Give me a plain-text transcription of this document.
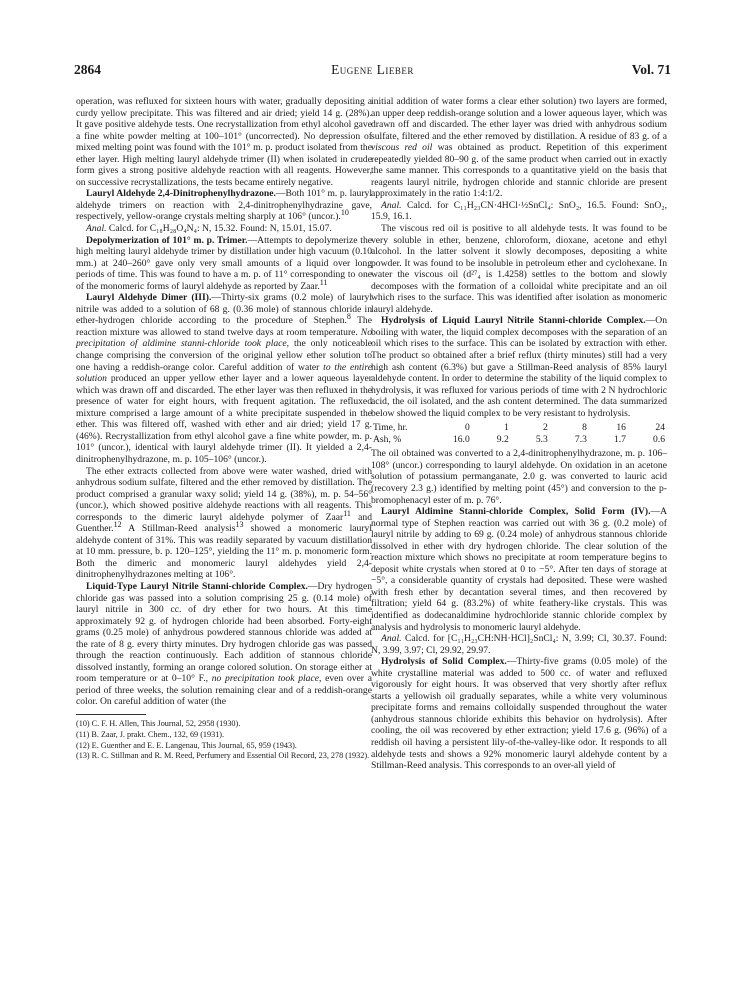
2864	Eugene Lieber	Vol. 71

operation, was refluxed for sixteen hours with water, gradually depositing a curdy yellow precipitate. This was filtered and air dried; yield 14 g. (28%). It gave positive aldehyde tests. One recrystallization from ethyl alcohol gave a fine white powder melting at 100–101° (uncorrected). No depression of mixed melting point was found with the 101° m. p. product isolated from the ether layer. High melting lauryl aldehyde trimer (II) when isolated in crude form gives a strong positive aldehyde reaction with all reagents. However, on successive recrystallizations, the tests became entirely negative.

Lauryl Aldehyde 2,4-Dinitrophenylhydrazone.—Both 101° m. p. lauryl aldehyde trimers on reaction with 2,4-dinitrophenylhydrazine gave, respectively, yellow-orange crystals melting sharply at 106° (uncor.).$^{10}$

Anal. Calcd. for C₁₈H₂₈O₄N₄: N, 15.32. Found: N, 15.01, 15.07.

Depolymerization of 101° m. p. Trimer.—Attempts to depolymerize the high melting lauryl aldehyde trimer by distillation under high vacuum (0.10 mm.) at 240–260° gave only very small amounts of a liquid over long periods of time. This was found to have a m. p. of 11° corresponding to one of the monomeric forms of lauryl aldehyde as reported by Zaar.$^{11}$

Lauryl Aldehyde Dimer (III).—Thirty-six grams (0.2 mole) of lauryl nitrile was added to a solution of 68 g. (0.36 mole) of stannous chloride in ether-hydrogen chloride according to the procedure of Stephen.$^8$ The reaction mixture was allowed to stand twelve days at room temperature. No precipitation of aldimine stanni-chloride took place, the only noticeable change comprising the conversion of the original yellow ether solution to one having a reddish-orange color. Careful addition of water to the entire solution produced an upper yellow ether layer and a lower aqueous layer which was drawn off and discarded. The ether layer was then refluxed in the presence of water for eight hours, with frequent agitation. The refluxed mixture comprised a large amount of a white precipitate suspended in the ether. This was filtered off, washed with ether and air dried; yield 17 g. (46%). Recrystallization from ethyl alcohol gave a fine white powder, m. p. 101° (uncor.), identical with lauryl aldehyde trimer (II). It yielded a 2,4-dinitrophenylhydrazone, m. p. 105–106° (uncor.).

The ether extracts collected from above were water washed, dried with anhydrous sodium sulfate, filtered and the ether removed by distillation. The product comprised a granular waxy solid; yield 14 g. (38%), m. p. 54–56° (uncor.), which showed positive aldehyde reactions with all reagents. This corresponds to the dimeric lauryl aldehyde polymer of Zaar$^{11}$ and Guenther.$^{12}$ A Stillman-Reed analysis$^{13}$ showed a monomeric lauryl aldehyde content of 31%. This was readily separated by vacuum distillation at 10 mm. pressure, b. p. 120–125°, yielding the 11° m. p. monomeric form. Both the dimeric and monomeric lauryl aldehydes yield 2,4-dinitrophenylhydrazones melting at 106°.

Liquid-Type Lauryl Nitrile Stanni-chloride Complex.—Dry hydrogen chloride gas was passed into a solution comprising 25 g. (0.14 mole) of lauryl nitrile in 300 cc. of dry ether for two hours. At this time approximately 92 g. of hydrogen chloride had been absorbed. Forty-eight grams (0.25 mole) of anhydrous powdered stannous chloride was added at the rate of 8 g. every thirty minutes. Dry hydrogen chloride gas was passed through the reaction continuously. Each addition of stannous chloride dissolved instantly, forming an orange colored solution. On storage either at room temperature or at 0–10° F., no precipitation took place, even over a period of three weeks, the solution remaining clear and of a reddish-orange color. On careful addition of water (the

(10) C. F. H. Allen, This Journal, 52, 2958 (1930).

(11) B. Zaar, J. prakt. Chem., 132, 69 (1931).

(12) E. Guenther and E. E. Langenau, This Journal, 65, 959 (1943).

(13) R. C. Stillman and R. M. Reed, Perfumery and Essential Oil Record, 23, 278 (1932).

initial addition of water forms a clear ether solution) two layers are formed, an upper deep reddish-orange solution and a lower aqueous layer, which was drawn off and discarded. The ether layer was dried with anhydrous sodium sulfate, filtered and the ether removed by distillation. A residue of 83 g. of a viscous red oil was obtained as product. Repetition of this experiment repeatedly yielded 80–90 g. of the same product when carried out in exactly the same manner. This corresponds to a quantitative yield on the basis that reagents lauryl nitrile, hydrogen chloride and stannic chloride are present approximately in the ratio 1:4:1/2.

Anal. Calcd. for C₁₁H₂₃CN·4HCl·½SnCl₄: SnO₂, 16.5. Found: SnO₂, 15.9, 16.1.

The viscous red oil is positive to all aldehyde tests. It was found to be very soluble in ether, benzene, chloroform, dioxane, acetone and ethyl alcohol. In the latter solvent it slowly decomposes, depositing a white powder. It was found to be insoluble in petroleum ether and cyclohexane. In water the viscous oil (d²⁷₄ is 1.4258) settles to the bottom and slowly decomposes with the formation of a colloidal white precipitate and an oil which rises to the surface. This was identified after isolation as monomeric lauryl aldehyde.

Hydrolysis of Liquid Lauryl Nitrile Stanni-chloride Complex.—On boiling with water, the liquid complex decomposes with the separation of an oil which rises to the surface. This can be isolated by extraction with ether. The product so obtained after a brief reflux (thirty minutes) still had a very high ash content (6.3%) but gave a Stillman-Reed analysis of 85% lauryl aldehyde content. In order to determine the stability of the liquid complex to hydrolysis, it was refluxed for various periods of time with 2 N hydrochloric acid, the oil isolated, and the ash content determined. The data summarized below showed the liquid complex to be very resistant to hydrolysis.

Time, hr.	0	1	2	8	16	24
Ash, %	16.0	9.2	5.3	7.3	1.7	0.6

The oil obtained was converted to a 2,4-dinitrophenylhydrazone, m. p. 106–108° (uncor.) corresponding to lauryl aldehyde. On oxidation in an acetone solution of potassium permanganate, 2.0 g. was converted to lauric acid (recovery 2.3 g.) identified by melting point (45°) and conversion to the p-bromophenacyl ester of m. p. 76°.

Lauryl Aldimine Stanni-chloride Complex, Solid Form (IV).—A normal type of Stephen reaction was carried out with 36 g. (0.2 mole) of lauryl nitrile by adding to 69 g. (0.24 mole) of anhydrous stannous chloride dissolved in ether with dry hydrogen chloride. The clear solution of the reaction mixture which shows no precipitate at room temperature begins to deposit white crystals when stored at 0 to −5°. After ten days of storage at −5°, a considerable quantity of crystals had deposited. These were washed with fresh ether by decantation several times, and then recovered by filtration; yield 64 g. (83.2%) of white feathery-like crystals. This was identified as dodecanaldimine hydrochloride stannic chloride complex by analysis and hydrolysis to monomeric lauryl aldehyde.

Anal. Calcd. for [C₁₁H₂₃CH:NH·HCl]₂SnCl₄: N, 3.99; Cl, 30.37. Found: N, 3.99, 3.97; Cl, 29.92, 29.97.

Hydrolysis of Solid Complex.—Thirty-five grams (0.05 mole) of the white crystalline material was added to 500 cc. of water and refluxed vigorously for eight hours. It was observed that very shortly after reflux starts a yellowish oil gradually separates, while a white very voluminous precipitate forms and remains colloidally suspended throughout the water (anhydrous stannous chloride exhibits this behavior on hydrolysis). After cooling, the oil was recovered by ether extraction; yield 17.6 g. (96%) of a reddish oil having a persistent lily-of-the-valley-like odor. It responds to all aldehyde tests and shows a 92% monomeric lauryl aldehyde content by a Stillman-Reed analysis. This corresponds to an over-all yield of
